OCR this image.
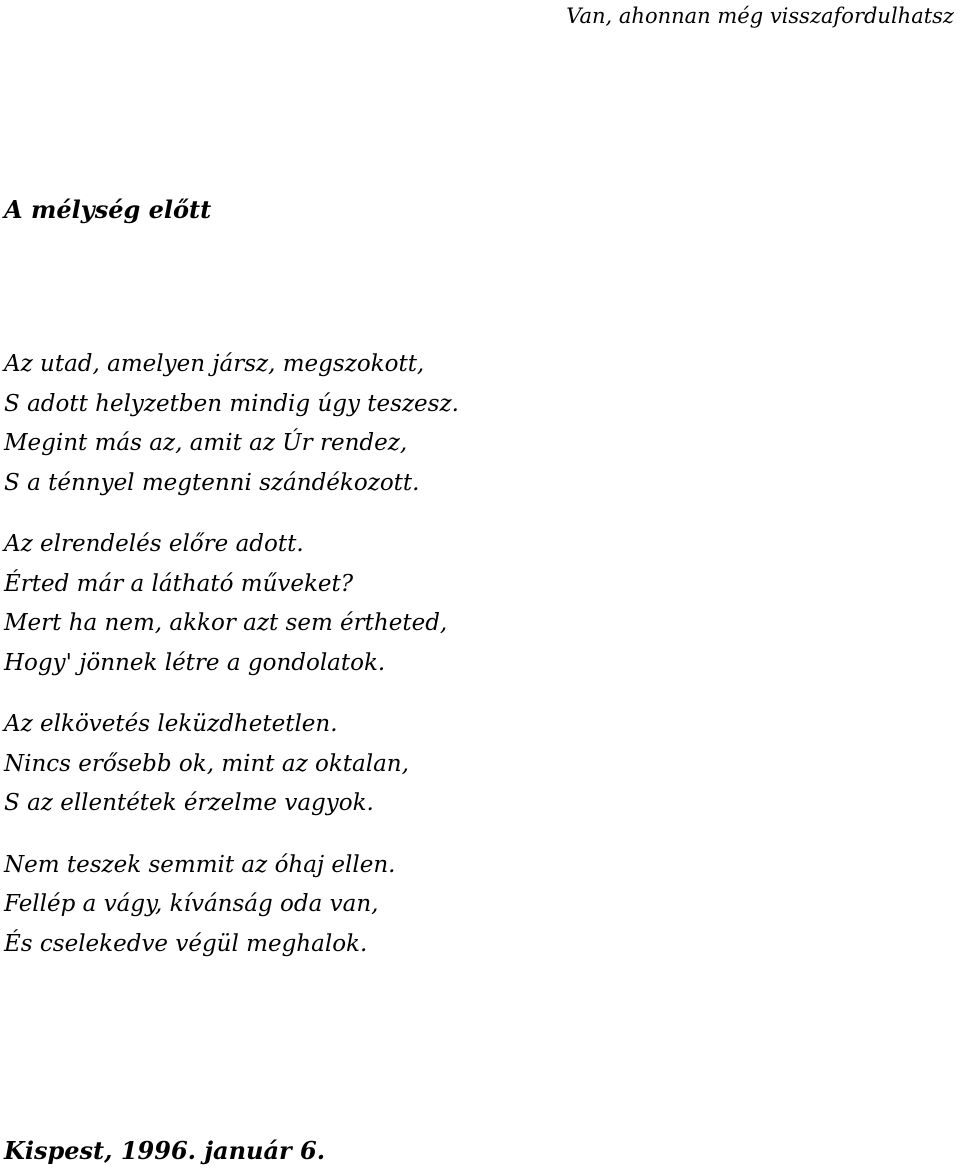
Van, ahonnan még visszafordulhatsz
A mélység előtt
Az utad, amelyen jársz, megszokott,
S adott helyzetben mindig úgy teszesz.
Megint más az, amit az Úr rendez,
S a ténnyel megtenni szándékozott.
Az elrendelés előre adott.
Érted már a látható műveket?
Mert ha nem, akkor azt sem értheted,
Hogy' jönnek létre a gondolatok.
Az elkövetés leküzdhetetlen.
Nincs erősebb ok, mint az oktalan,
S az ellentétek érzelme vagyok.
Nem teszek semmit az óhaj ellen.
Fellép a vágy, kívánság oda van,
És cselekedve végül meghalok.
Kispest, 1996. január 6.
